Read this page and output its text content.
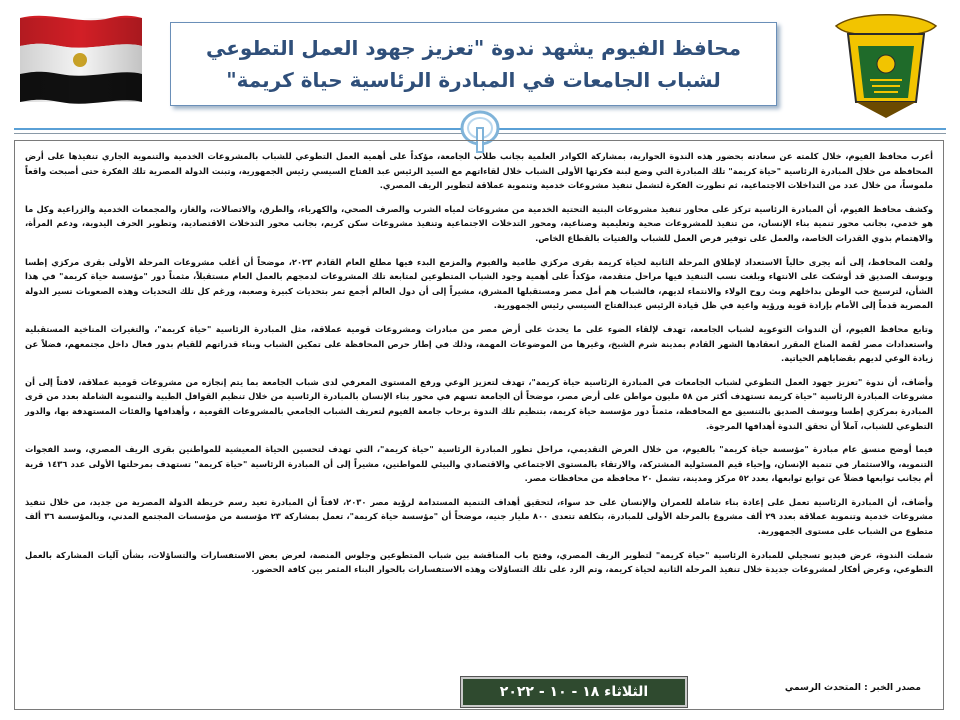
محافظ الفيوم يشهد ندوة "تعزيز جهود العمل التطوعي لشباب الجامعات في المبادرة الرئاسية حياة كريمة"

أعرب محافظ الفيوم، خلال كلمته عن سعادته بحضور هذه الندوة الحوارية، بمشاركة الكوادر العلمية بجانب طلاب الجامعة، مؤكداً على أهمية العمل التطوعي للشباب بالمشروعات الخدمية والتنموية الجاري تنفيذها على أرض المحافظة من خلال المبادرة الرئاسية "حياة كريمة" تلك المبادرة التي وضع لبنة فكرتها الأولى الشباب خلال لقاءاتهم مع السيد الرئيس عبد الفتاح السيسي رئيس الجمهورية، وتبنت الدولة المصرية تلك الفكرة حتى أصبحت واقعاً ملموساً، من خلال عدد من التداخلات الاجتماعية، ثم تطورت الفكرة لتشمل تنفيذ مشروعات خدمية وتنموية عملاقة لتطوير الريف المصري.

وكشف محافظ الفيوم، أن المبادرة الرئاسية تركز على محاور تنفيذ مشروعات البنية التحتية الخدمية من مشروعات لمياه الشرب والصرف الصحي، والكهرباء، والطرق، والاتصالات، والغاز، والمجمعات الخدمية والزراعية وكل ما هو خدمي، بجانب محور تنمية بناء الإنسان، من تنفيذ للمشروعات صحية وتعليمية وصناعية، ومحور التدخلات الاجتماعية وتنفيذ مشروعات سكن كريم، بجانب محور التدخلات الاقتصادية، وتطوير الحرف اليدوية، ودعم المرأة، والاهتمام بذوي القدرات الخاصة، والعمل على توفير فرص العمل للشباب والفتيات بالقطاع الخاص.

ولفت المحافظ، إلى أنه يجرى حالياً الاستعداد لإطلاق المرحلة الثانية لحياة كريمة بقرى مركزي طامية والفيوم والمزمع البدء فيها مطلع العام القادم ٢٠٢٣، موضحاً أن أغلب مشروعات المرحلة الأولى بقرى مركزي إطسا ويوسف الصديق قد أوشكت على الانتهاء وبلغت نسب التنفيذ فيها مراحل متقدمة، مؤكداً على أهمية وجود الشباب المتطوعين لمتابعة تلك المشروعات لدمجهم بالعمل العام مستقبلاً، مثمناً دور "مؤسسة حياة كريمة" في هذا الشأن، لترسيخ حب الوطن بداخلهم وبث روح الولاء والانتماء لديهم، فالشباب هم أمل مصر ومستقبلها المشرق، مشيراً إلى أن دول العالم أجمع تمر بتحديات كبيرة وصعبة، ورغم كل تلك التحديات وهذه الصعوبات تسير الدولة المصرية قدماً إلى الأمام بإرادة قوية ورؤية واعية في ظل قيادة الرئيس عبدالفتاح السيسي رئيس الجمهورية.

وتابع محافظ الفيوم، أن الندوات التوعوية لشباب الجامعة، تهدف لإلقاء الضوء على ما يحدث على أرض مصر من مبادرات ومشروعات قومية عملاقة، مثل المبادرة الرئاسية "حياة كريمة"، والتغيرات المناخية المستقبلية واستعدادات مصر لقمة المناخ المقرر انعقادها الشهر القادم بمدينة شرم الشيخ، وغيرها من الموضوعات المهمة، وذلك في إطار حرص المحافظة على تمكين الشباب وبناء قدراتهم للقيام بدور فعال داخل مجتمعهم، فضلاً عن زيادة الوعي لديهم بقضاياهم الحياتية.

وأضاف، أن ندوة "تعزيز جهود العمل التطوعي لشباب الجامعات في المبادرة الرئاسية حياة كريمة"، تهدف لتعزيز الوعي ورفع المستوى المعرفي لدى شباب الجامعة بما يتم إنجازه من مشروعات قومية عملاقة، لافتاً إلى أن مشروعات المبادرة الرئاسية "حياة كريمة تستهدف أكثر من ٥٨ مليون مواطن على أرض مصر، موضحاً أن الجامعة تسهم في محور بناء الإنسان بالمبادرة الرئاسية من خلال تنظيم القوافل الطبية والتنموية الشاملة بعدد من قرى المبادرة بمركزي إطسا ويوسف الصديق بالتنسيق مع المحافظة، مثمناً دور مؤسسة حياة كريمة، بتنظيم تلك الندوة برحاب جامعة الفيوم لتعريف الشباب الجامعي بالمشروعات القومية ، وأهدافها والفئات المستهدفة بها، والدور التطوعي للشباب، آملاً أن تحقق الندوة أهدافها المرجوة.

فيما أوضح منسق عام مبادرة "مؤسسة حياة كريمة" بالفيوم، من خلال العرض التقديمي، مراحل تطور المبادرة الرئاسية "حياة كريمة"، التي تهدف لتحسين الحياة المعيشية للمواطنين بقرى الريف المصري، وسد الفجوات التنموية، والاستثمار في تنمية الإنسان، وإحياء قيم المسئولية المشتركة، والارتقاء بالمستوى الاجتماعي والاقتصادي والبيئي للمواطنين، مشيراً إلى أن المبادرة الرئاسية "حياة كريمة" تستهدف بمرحلتها الأولى عدد ١٤٣٦ قرية أم بجانب توابعها فضلاً عن توابع توابعها، بعدد ٥٢ مركز ومدينة، تشمل ٢٠ محافظة من محافظات مصر.

وأضاف، أن المبادرة الرئاسية تعمل على إعادة بناء شاملة للعمران والإنسان على حد سواء، لتحقيق أهداف التنمية المستدامة لرؤية مصر ٢٠٣٠، لافتاً أن المبادرة تعيد رسم خريطة الدولة المصرية من جديد، من خلال تنفيذ مشروعات خدمية وتنموية عملاقة بعدد ٢٩ ألف مشروع بالمرحلة الأولى للمبادرة، بتكلفة تتعدى ٨٠٠ مليار جنيه، موضحاً أن "مؤسسة حياة كريمة"، تعمل بمشاركة ٢٣ مؤسسة من مؤسسات المجتمع المدني، وبالمؤسسة ٣٦ ألف متطوع من الشباب على مستوى الجمهورية.

شملت الندوة، عرض فيديو تسجيلي للمبادرة الرئاسية "حياة كريمة" لتطوير الريف المصري، وفتح باب المناقشة بين شباب المتطوعين وجلوس المنصة، لعرض بعض الاستفسارات والتساؤلات، بشأن آليات المشاركة بالعمل التطوعي، وعرض أفكار لمشروعات جديدة خلال تنفيذ المرحلة الثانية لحياة كريمة، وتم الرد على تلك التساؤلات وهذه الاستفسارات بالحوار البناء المثمر بين كافة الحضور.

مصدر الخبر : المتحدث الرسمي
الثلاثاء ١٨ - ١٠ - ٢٠٢٢
